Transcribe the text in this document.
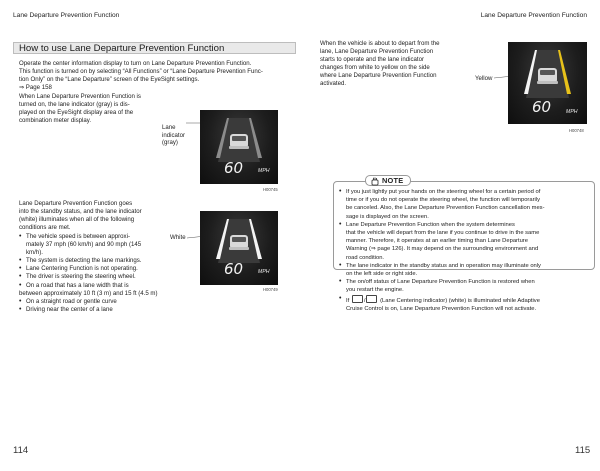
Lane Departure Prevention Function	Lane Departure Prevention Function
How to use Lane Departure Prevention Function

Operate the center information display to turn on Lane Departure Prevention Function.

This function is turned on by selecting “All Functions” or “Lane Departure Prevention Func-

tion Only” on the “Lane Departure” screen of the EyeSight settings.

⇒ Page 158

When Lane Departure Prevention Function is

turned on, the lane indicator (gray) is dis-

played on the EyeSight display area of the

combination meter display.

Lane
indicator
(gray)
60	MPH
H00745

Lane Departure Prevention Function goes

into the standby status, and the lane indicator

(white) illuminates when all of the following

conditions are met.

• The vehicle speed is between approxi-
mately 37 mph (60 km/h) and 90 mph (145
km/h).
• The system is detecting the lane markings.
• Lane Centering Function is not operating.
• The driver is steering the steering wheel.
• On a road that has a lane width that is
between approximately 10 ft (3 m) and 15 ft (4.5 m)
• On a straight road or gentle curve
• Driving near the center of a lane
White
60	MPH
H00749
114

When the vehicle is about to depart from the

lane, Lane Departure Prevention Function

starts to operate and the lane indicator

changes from white to yellow on the side

where Lane Departure Prevention Function

activated.

Yellow
60	MPH
H00748
NOTE
• If you just lightly put your hands on the steering wheel for a certain period of
time or if you do not operate the steering wheel, the function will temporarily
be canceled. Also, the Lane Departure Prevention Function cancellation mes-
sage is displayed on the screen.
• Lane Departure Prevention Function when the system determines
that the vehicle will depart from the lane if you continue to drive in the same
manner. Therefore, it operates at an earlier timing than Lane Departure
Warning (⇒ page 126). It may depend on the surrounding environment and
road condition.
• The lane indicator in the standby status and in operation may illuminate only
on the left side or right side.
• The on/off status of Lane Departure Prevention Function is restored when
you restart the engine.
• If	/	(Lane Centering indicator) (white) is illuminated while Adaptive
Cruise Control is on, Lane Departure Prevention Function will not activate.
115
